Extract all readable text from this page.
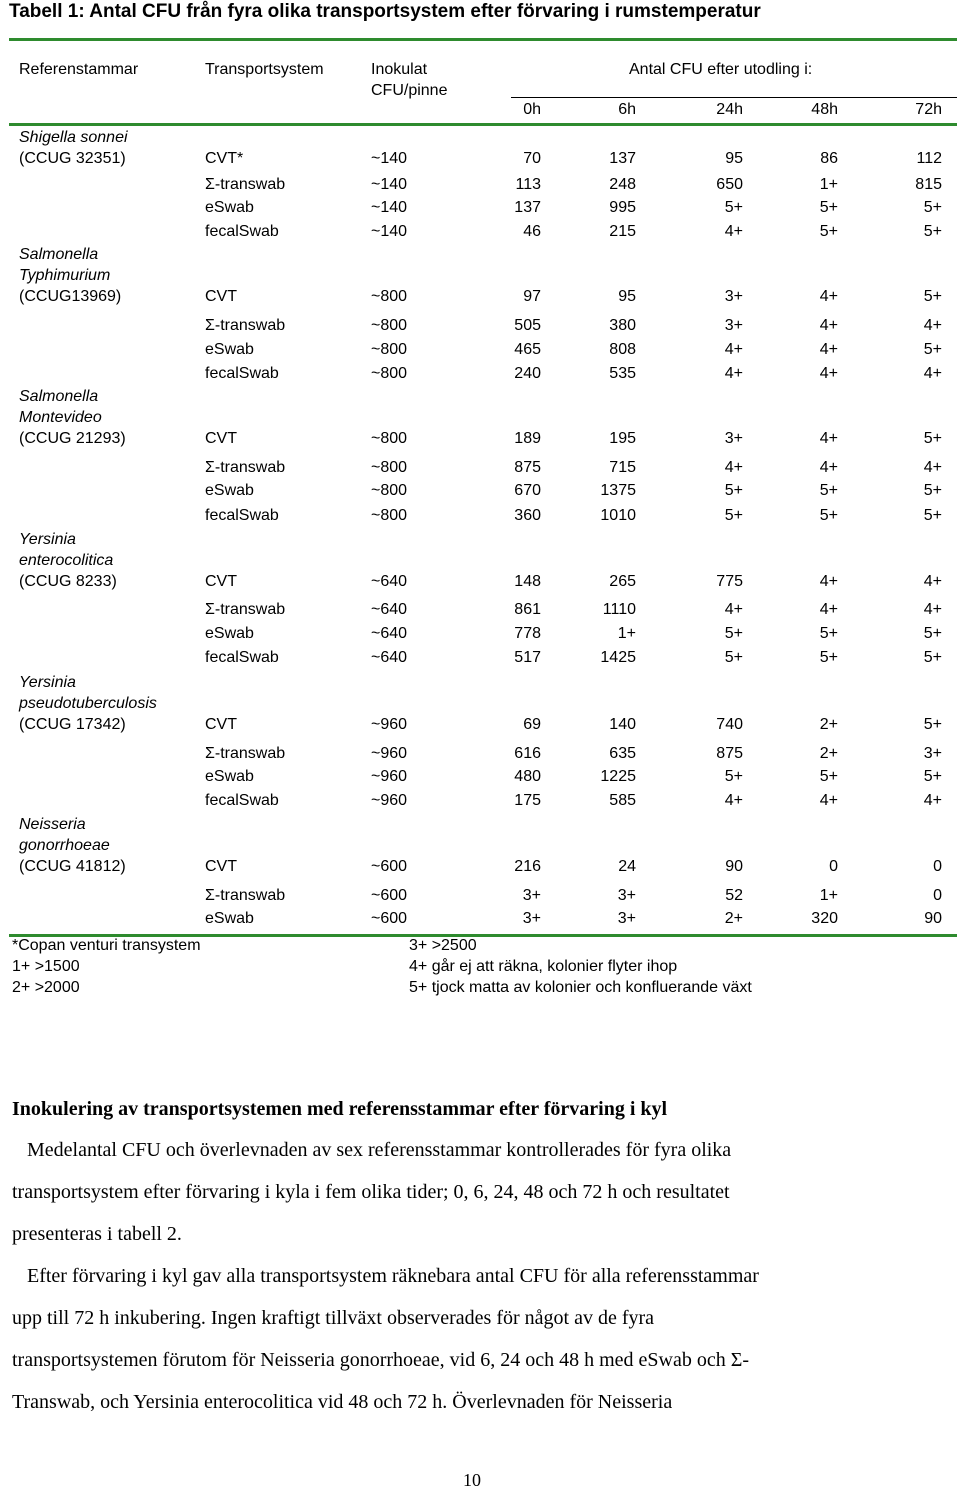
Tabell 1: Antal CFU från fyra olika transportsystem efter förvaring i rumstemperatur
Referenstammar	Transportsystem	Inokulat
CFU/pinne
Antal CFU efter utodling i:
0h	6h	24h	48h	72h
Shigella sonnei
(CCUG 32351)	CVT*	~140	70	137	95	86	112
Σ-transwab	~140	113	248	650	1+	815
eSwab	~140	137	995	5+	5+	5+
fecalSwab	~140	46	215	4+	5+	5+
Salmonella
Typhimurium
(CCUG13969)	CVT	~800	97	95	3+	4+	5+
Σ-transwab	~800	505	380	3+	4+	4+
eSwab	~800	465	808	4+	4+	5+
fecalSwab	~800	240	535	4+	4+	4+
Salmonella
Montevideo
(CCUG 21293)	CVT	~800	189	195	3+	4+	5+
Σ-transwab	~800	875	715	4+	4+	4+
eSwab	~800	670	1375	5+	5+	5+
fecalSwab	~800	360	1010	5+	5+	5+
Yersinia
enterocolitica
(CCUG 8233)	CVT	~640	148	265	775	4+	4+
Σ-transwab	~640	861	1110	4+	4+	4+
eSwab	~640	778	1+	5+	5+	5+
fecalSwab	~640	517	1425	5+	5+	5+
Yersinia
pseudotuberculosis
(CCUG 17342)	CVT	~960	69	140	740	2+	5+
Σ-transwab	~960	616	635	875	2+	3+
eSwab	~960	480	1225	5+	5+	5+
fecalSwab	~960	175	585	4+	4+	4+
Neisseria
gonorrhoeae
(CCUG 41812)	CVT	~600	216	24	90	0	0
Σ-transwab	~600	3+	3+	52	1+	0
eSwab	~600	3+	3+	2+	320	90
*Copan venturi transystem
1+ >1500
2+ >2000
3+ >2500
4+ går ej att räkna, kolonier flyter ihop
5+ tjock matta av kolonier och konfluerande växt
Inokulering av transportsystemen med referensstammar efter förvaring i kyl
Medelantal CFU och överlevnaden av sex referensstammar kontrollerades för fyra olika
transportsystem efter förvaring i kyla i fem olika tider; 0, 6, 24, 48 och 72 h och resultatet
presenteras i tabell 2.
Efter förvaring i kyl gav alla transportsystem räknebara antal CFU för alla referensstammar
upp till 72 h inkubering. Ingen kraftigt tillväxt observerades för något av de fyra
transportsystemen förutom för Neisseria gonorrhoeae, vid 6, 24 och 48 h med eSwab och Σ-
Transwab, och Yersinia enterocolitica vid 48 och 72 h. Överlevnaden för Neisseria
10
